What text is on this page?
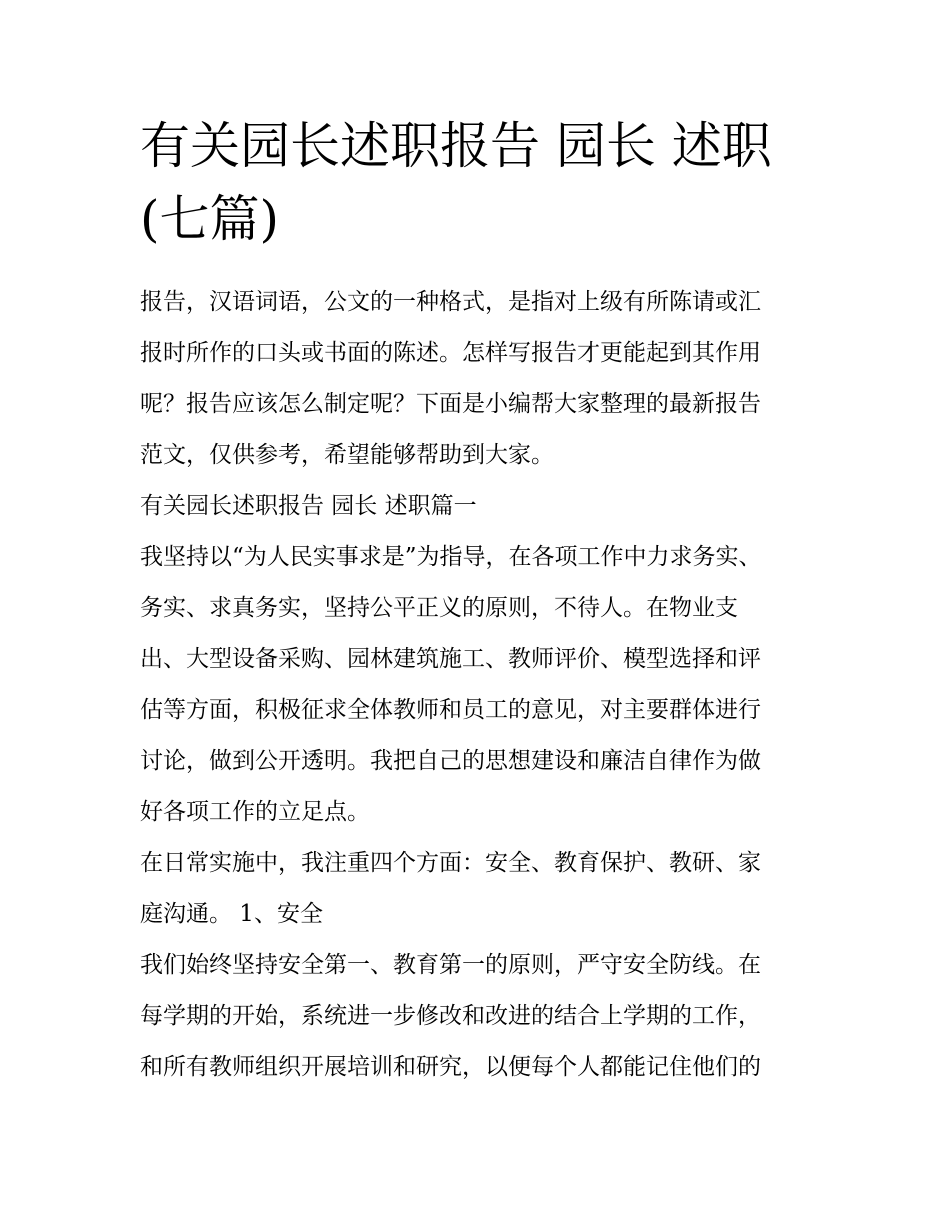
有关园长述职报告 园长 述职
(七篇)

报告，汉语词语，公文的一种格式，是指对上级有所陈请或汇

报时所作的口头或书面的陈述。怎样写报告才更能起到其作用

呢？报告应该怎么制定呢？下面是小编帮大家整理的最新报告

范文，仅供参考，希望能够帮助到大家。

有关园长述职报告 园长 述职篇一

我坚持以“为人民实事求是”为指导，在各项工作中力求务实、

务实、求真务实，坚持公平正义的原则，不待人。在物业支

出、大型设备采购、园林建筑施工、教师评价、模型选择和评

估等方面，积极征求全体教师和员工的意见，对主要群体进行

讨论，做到公开透明。我把自己的思想建设和廉洁自律作为做

好各项工作的立足点。

在日常实施中，我注重四个方面：安全、教育保护、教研、家

庭沟通。 1、安全

我们始终坚持安全第一、教育第一的原则，严守安全防线。在

每学期的开始，系统进一步修改和改进的结合上学期的工作，

和所有教师组织开展培训和研究，以便每个人都能记住他们的
